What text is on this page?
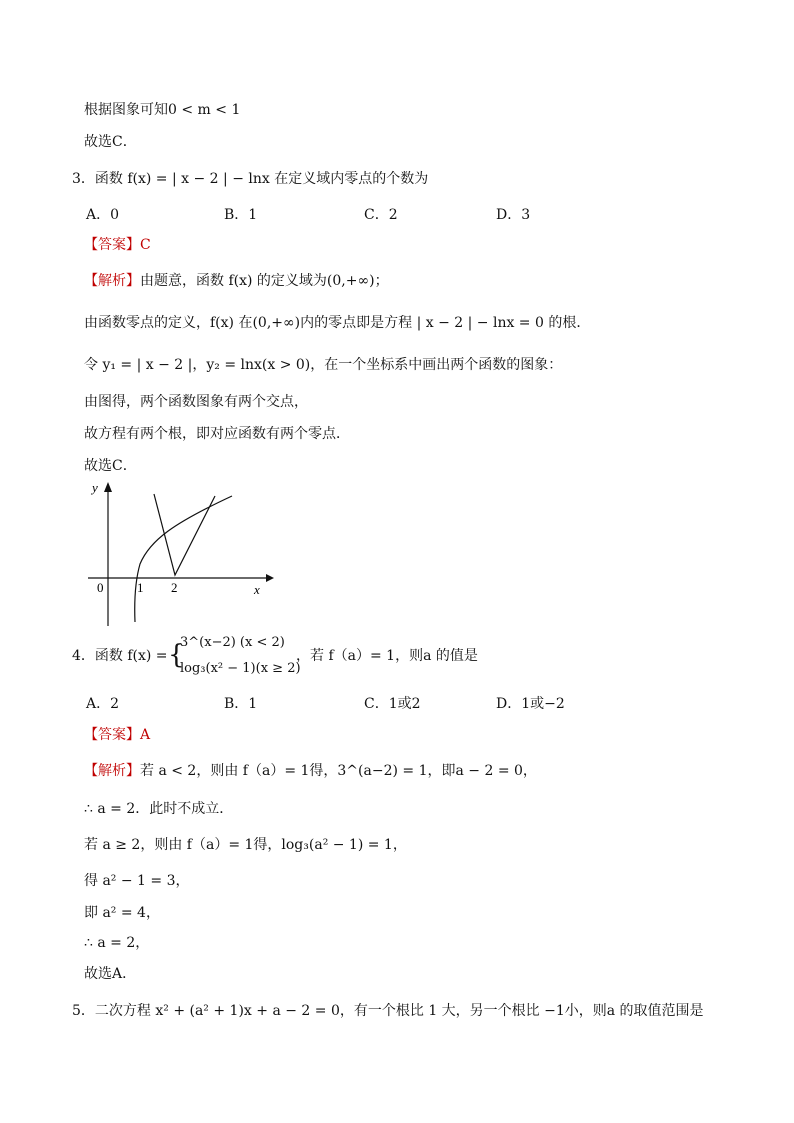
根据图象可知0 < m < 1
故选C．
3．函数 f(x) = | x − 2 | − lnx 在定义域内零点的个数为
A．0	B．1	C．2	D．3
【答案】C
【解析】由题意，函数 f(x) 的定义域为(0,+∞)；
由函数零点的定义，f(x) 在(0,+∞)内的零点即是方程 | x − 2 | − lnx = 0 的根．
令 y₁ = | x − 2 |，y₂ = lnx(x > 0)，在一个坐标系中画出两个函数的图象：
由图得，两个函数图象有两个交点，
故方程有两个根，即对应函数有两个零点．
故选C．
y
x
0	1 2
4．函数 f(x) = {
3^(x−2) (x < 2)
log₃(x² − 1)(x ≥ 2)
，若 f（a）= 1，则a 的值是
A．2	B．1	C．1或2	D．1或−2
【答案】A
【解析】若 a < 2，则由 f（a）= 1得，3^(a−2) = 1，即a − 2 = 0，
∴ a = 2．此时不成立．
若 a ≥ 2，则由 f（a）= 1得，log₃(a² − 1) = 1，
得 a² − 1 = 3，
即 a² = 4，
∴ a = 2，
故选A．
5．二次方程 x² + (a² + 1)x + a − 2 = 0，有一个根比 1 大，另一个根比 −1小，则a 的取值范围是
